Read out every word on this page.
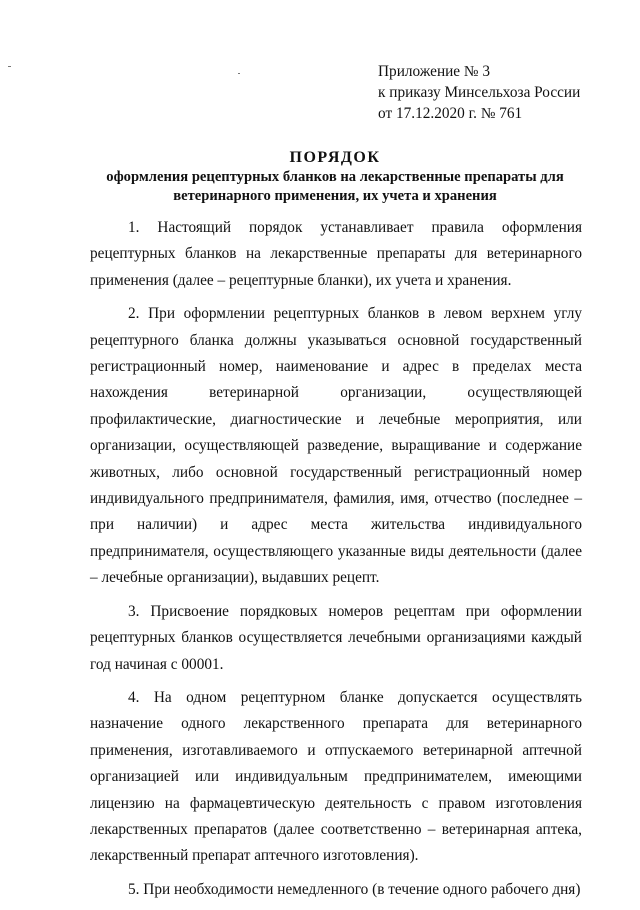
Приложение № 3
к приказу Минсельхоза России
от 17.12.2020 г. № 761
ПОРЯДОК
оформления рецептурных бланков на лекарственные препараты для
ветеринарного применения, их учета и хранения

1. Настоящий порядок устанавливает правила оформления рецептурных бланков на лекарственные препараты для ветеринарного применения (далее – рецептурные бланки), их учета и хранения.

2. При оформлении рецептурных бланков в левом верхнем углу рецептурного бланка должны указываться основной государственный регистрационный номер, наименование и адрес в пределах места нахождения ветеринарной организации, осуществляющей профилактические, диагностические и лечебные мероприятия, или организации, осуществляющей разведение, выращивание и содержание животных, либо основной государственный регистрационный номер индивидуального предпринимателя, фамилия, имя, отчество (последнее – при наличии) и адрес места жительства индивидуального предпринимателя, осуществляющего указанные виды деятельности (далее – лечебные организации), выдавших рецепт.

3. Присвоение порядковых номеров рецептам при оформлении рецептурных бланков осуществляется лечебными организациями каждый год начиная с 00001.

4. На одном рецептурном бланке допускается осуществлять назначение одного лекарственного препарата для ветеринарного применения, изготавливаемого и отпускаемого ветеринарной аптечной организацией или индивидуальным предпринимателем, имеющими лицензию на фармацевтическую деятельность с правом изготовления лекарственных препаратов (далее соответственно – ветеринарная аптека, лекарственный препарат аптечного изготовления).

5. При необходимости немедленного (в течение одного рабочего дня)
